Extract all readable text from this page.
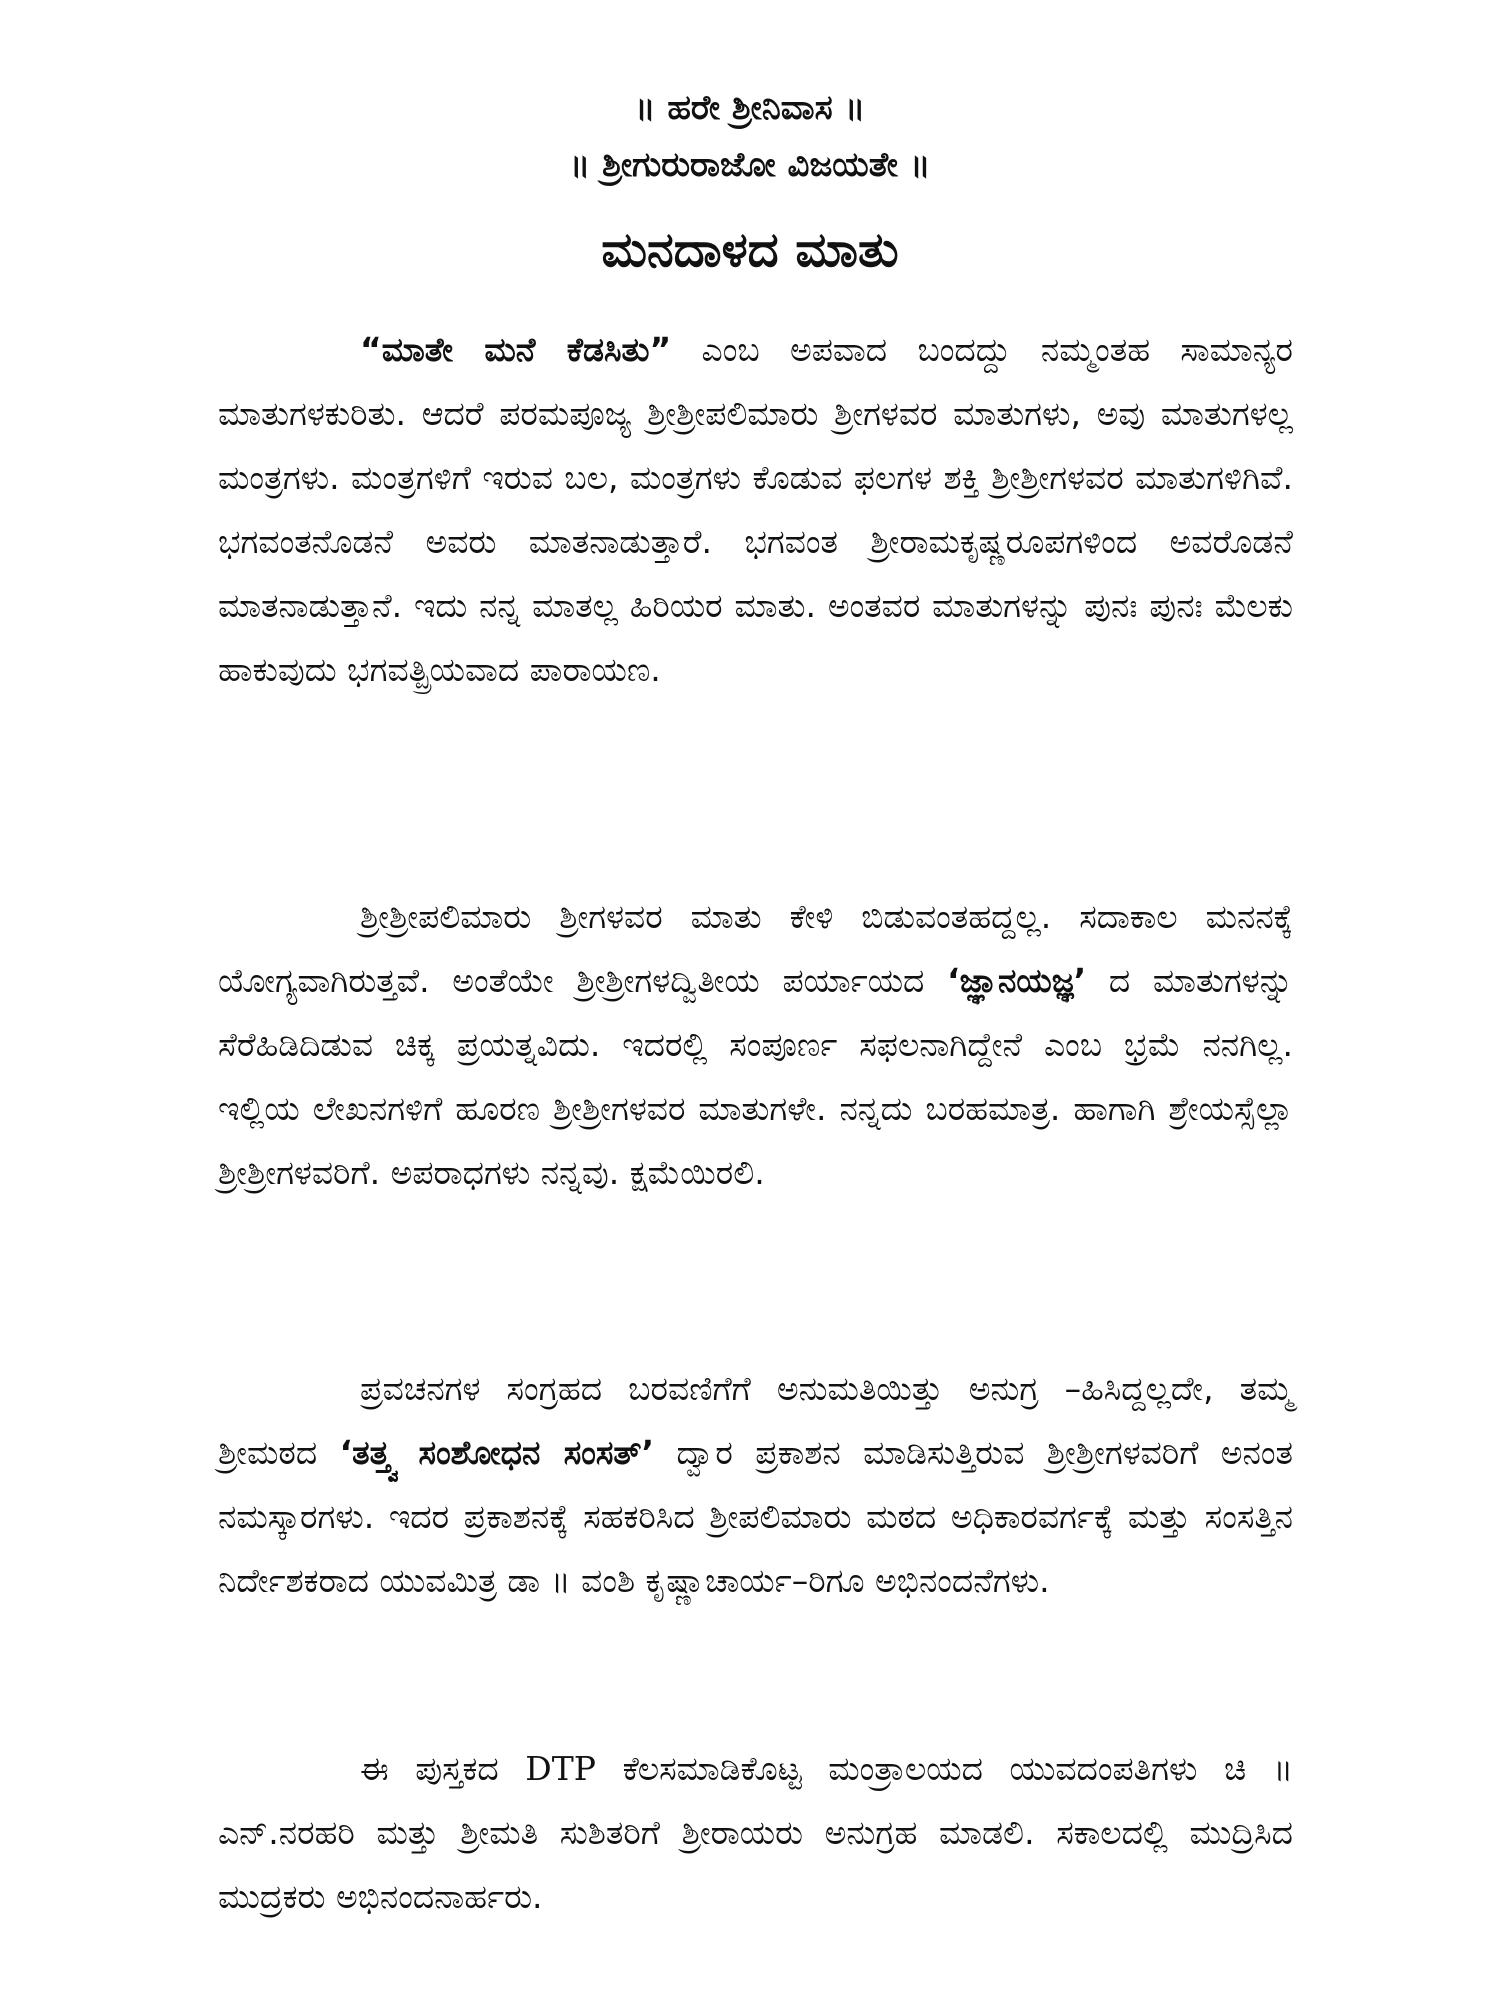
॥ ಹರೇ ಶ್ರೀನಿವಾಸ ॥
॥ ಶ್ರೀಗುರುರಾಜೋ ವಿಜಯತೇ ॥
ಮನದಾಳದ ಮಾತು
“ಮಾತೇ ಮನೆ ಕೆಡಸಿತು” ಎಂಬ ಅಪವಾದ ಬಂದದ್ದು ನಮ್ಮಂತಹ ಸಾಮಾನ್ಯರ ಮಾತುಗಳಕುರಿತು. ಆದರೆ ಪರಮಪೂಜ್ಯ ಶ್ರೀಶ್ರೀಪಲಿಮಾರು ಶ್ರೀಗಳವರ ಮಾತುಗಳು, ಅವು ಮಾತುಗಳಲ್ಲ ಮಂತ್ರಗಳು. ಮಂತ್ರಗಳಿಗೆ ಇರುವ ಬಲ, ಮಂತ್ರಗಳು ಕೊಡುವ ಫಲಗಳ ಶಕ್ತಿ ಶ್ರೀಶ್ರೀಗಳವರ ಮಾತುಗಳಿಗಿವೆ. ಭಗವಂತನೊಡನೆ ಅವರು ಮಾತನಾಡುತ್ತಾರೆ. ಭಗವಂತ ಶ್ರೀರಾಮಕೃಷ್ಣರೂಪಗಳಿಂದ ಅವರೊಡನೆ ಮಾತನಾಡುತ್ತಾನೆ. ಇದು ನನ್ನ ಮಾತಲ್ಲ ಹಿರಿಯರ ಮಾತು. ಅಂತವರ ಮಾತುಗಳನ್ನು ಪುನಃ ಪುನಃ ಮೆಲಕು ಹಾಕುವುದು ಭಗವತ್ಪ್ರಿಯವಾದ ಪಾರಾಯಣ.
ಶ್ರೀಶ್ರೀಪಲಿಮಾರು ಶ್ರೀಗಳವರ ಮಾತು ಕೇಳಿ ಬಿಡುವಂತಹದ್ದಲ್ಲ. ಸದಾಕಾಲ ಮನನಕ್ಕೆ ಯೋಗ್ಯವಾಗಿರುತ್ತವೆ. ಅಂತೆಯೇ ಶ್ರೀಶ್ರೀಗಳದ್ವಿತೀಯ ಪರ್ಯಾಯದ ‘ಜ್ಞಾನಯಜ್ಞ’ ದ ಮಾತುಗಳನ್ನು ಸೆರೆಹಿಡಿದಿಡುವ ಚಿಕ್ಕ ಪ್ರಯತ್ನವಿದು. ಇದರಲ್ಲಿ ಸಂಪೂರ್ಣ ಸಫಲನಾಗಿದ್ದೇನೆ ಎಂಬ ಭ್ರಮೆ ನನಗಿಲ್ಲ. ಇಲ್ಲಿಯ ಲೇಖನಗಳಿಗೆ ಹೂರಣ ಶ್ರೀಶ್ರೀಗಳವರ ಮಾತುಗಳೇ. ನನ್ನದು ಬರಹಮಾತ್ರ. ಹಾಗಾಗಿ ಶ್ರೇಯಸ್ಸೆಲ್ಲಾ ಶ್ರೀಶ್ರೀಗಳವರಿಗೆ. ಅಪರಾಧಗಳು ನನ್ನವು. ಕ್ಷಮೆಯಿರಲಿ.
ಪ್ರವಚನಗಳ ಸಂಗ್ರಹದ ಬರವಣಿಗೆಗೆ ಅನುಮತಿಯಿತ್ತು ಅನುಗ್ರ –ಹಿಸಿದ್ದಲ್ಲದೇ, ತಮ್ಮ ಶ್ರೀಮಠದ ‘ತತ್ತ್ವ ಸಂಶೋಧನ ಸಂಸತ್’ ದ್ವಾರ ಪ್ರಕಾಶನ ಮಾಡಿಸುತ್ತಿರುವ ಶ್ರೀಶ್ರೀಗಳವರಿಗೆ ಅನಂತ ನಮಸ್ಕಾರಗಳು. ಇದರ ಪ್ರಕಾಶನಕ್ಕೆ ಸಹಕರಿಸಿದ ಶ್ರೀಪಲಿಮಾರು ಮಠದ ಅಧಿಕಾರವರ್ಗಕ್ಕೆ ಮತ್ತು ಸಂಸತ್ತಿನ ನಿರ್ದೇಶಕರಾದ ಯುವಮಿತ್ರ ಡಾ ॥ ವಂಶಿ ಕೃಷ್ಣಾಚಾರ್ಯ–ರಿಗೂ ಅಭಿನಂದನೆಗಳು.
ಈ ಪುಸ್ತಕದ DTP ಕೆಲಸಮಾಡಿಕೊಟ್ಟ ಮಂತ್ರಾಲಯದ ಯುವದಂಪತಿಗಳು ಚಿ ॥ ಎನ್.ನರಹರಿ ಮತ್ತು ಶ್ರೀಮತಿ ಸುಶಿತರಿಗೆ ಶ್ರೀರಾಯರು ಅನುಗ್ರಹ ಮಾಡಲಿ. ಸಕಾಲದಲ್ಲಿ ಮುದ್ರಿಸಿದ ಮುದ್ರಕರು ಅಭಿನಂದನಾರ್ಹರು.
